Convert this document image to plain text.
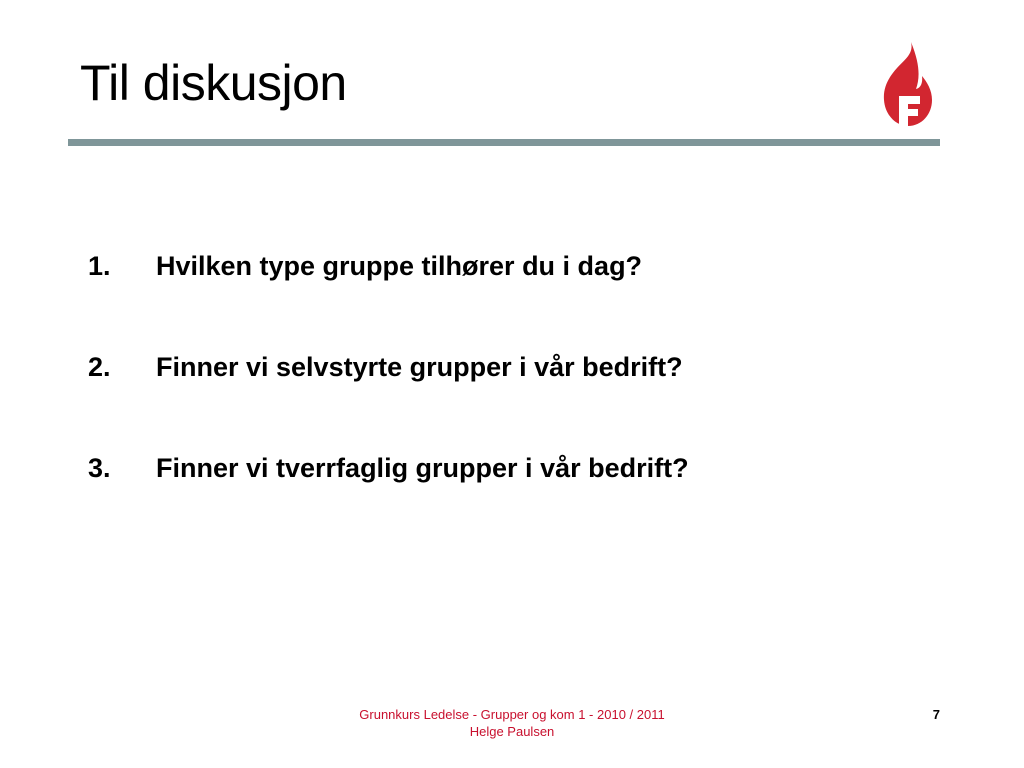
Til diskusjon
1.	Hvilken type gruppe tilhører du i dag?
2.	Finner vi selvstyrte grupper i vår bedrift?
3.	Finner vi tverrfaglig grupper i vår bedrift?
Grunnkurs Ledelse - Grupper og kom 1 - 2010 / 2011
Helge Paulsen
7
